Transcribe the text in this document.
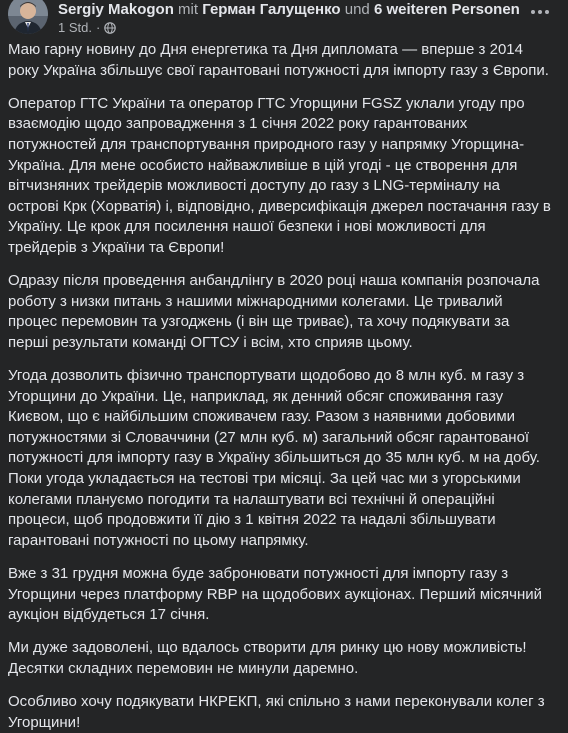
Sergiy Makogon mit Герман Галущенко und 6 weiteren Personen
1 Std. ·

Маю гарну новину до Дня енергетика та Дня дипломата — вперше з 2014 року Україна збільшує свої гарантовані потужності для імпорту газу з Європи.

Оператор ГТС України та оператор ГТС Угорщини FGSZ уклали угоду про взаємодію щодо запровадження з 1 січня 2022 року гарантованих потужностей для транспортування природного газу у напрямку Угорщина-Україна. Для мене особисто найважливіше в цій угоді - це створення для вітчизняних трейдерів можливості доступу до газу з LNG-терміналу на острові Крк (Хорватія) і, відповідно, диверсифікація джерел постачання газу в Україну. Це крок для посилення нашої безпеки і нові можливості для трейдерів з України та Європи!

Одразу після проведення анбандлінгу в 2020 році наша компанія розпочала роботу з низки питань з нашими міжнародними колегами. Це тривалий процес перемовин та узгоджень (і він ще триває), та хочу подякувати за перші результати команді ОГТСУ і всім, хто сприяв цьому.

Угода дозволить фізично транспортувати щодобово до 8 млн куб. м газу з Угорщини до України. Це, наприклад, як денний обсяг споживання газу Києвом, що є найбільшим споживачем газу. Разом з наявними добовими потужностями зі Словаччини (27 млн куб. м) загальний обсяг гарантованої потужності для імпорту газу в Україну збільшиться до 35 млн куб. м на добу. Поки угода укладається на тестові три місяці. За цей час ми з угорськими колегами плануємо погодити та налаштувати всі технічні й операційні процеси, щоб продовжити її дію з 1 квітня 2022 та надалі збільшувати гарантовані потужності по цьому напрямку.

Вже з 31 грудня можна буде забронювати потужності для імпорту газу з Угорщини через платформу RBP на щодобових аукціонах. Перший місячний аукціон відбудеться 17 січня.

Ми дуже задоволені, що вдалось створити для ринку цю нову можливість! Десятки складних перемовин не минули даремно.

Особливо хочу подякувати НКРЕКП, які спільно з нами переконували колег з Угорщини!
